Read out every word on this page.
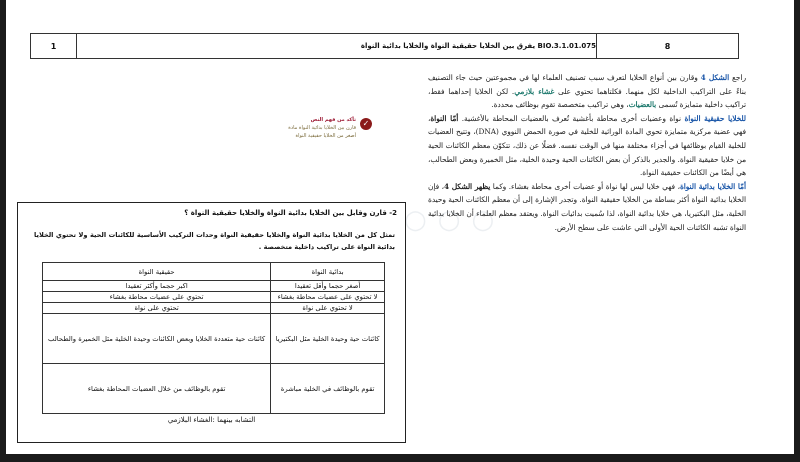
1	BIO.3.1.01.075 يفرق بين الخلايا حقيقية النواة والخلايا بدائية النواة	8

راجع الشكل 4 وقارن بين أنواع الخلايا لتعرف سبب تصنيف العلماء لها في مجموعتين حيث جاء التصنيف بناءً على التراكيب الداخلية لكل منهما. فكلتاهما تحتوي على غشاء بلازمي. لكن الخلايا إحداهما فقط، تراكيب داخلية متمايزة تُسمى بالعضيات، وهي تراكيب متخصصة تقوم بوظائف محددة.

للخلايا حقيقية النواة نواة وعضيات أخرى محاطة بأغشية تُعرف بالعضيات المحاطة بالأغشية. أمّا النواة، فهي عضية مركزية متمايزة تحوي المادة الوراثية للخلية في صورة الحمض النووي (DNA)، وتتيح العضيات للخلية القيام بوظائفها في أجزاء مختلفة منها في الوقت نفسه. فضلًا عن ذلك، تتكوّن معظم الكائنات الحية من خلايا حقيقية النواة. والجدير بالذكر أن بعض الكائنات الحية وحيدة الخلية، مثل الخميرة وبعض الطحالب، هي أيضًا من الكائنات حقيقية النواة.

أمّا الخلايا بدائية النواة، فهي خلايا ليس لها نواة أو عضيات أخرى محاطة بغشاء. وكما يظهر الشكل 4، فإن الخلايا بدائية النواة أكثر بساطة من الخلايا حقيقية النواة. وتجدر الإشارة إلى أن معظم الكائنات الحية وحيدة الخلية، مثل البكتيريا، هي خلايا بدائية النواة، لذا سُميت بدائيات النواة. ويعتقد معظم العلماء أن الخلايا بدائية النواة تشبه الكائنات الحية الأولى التي عاشت على سطح الأرض.

✓
تأكد من فهم النص
قارن بين الخلايا بدائية النواة مادة
أصغر من الخلايا حقيقية النواة
○ ○ ○
2- قارن وقابل بين الخلايا بدائية النواة والخلايا حقيقية النواة ؟
تمثل كل من الخلايا بدائية النواة والخلايا حقيقية النواة وحدات التركيب الأساسية للكائنات الحية ولا تحتوي الخلايا بدائية النواة على تراكيب داخلية متخصصة .
بدائية النواة	حقيقية النواة
أصغر حجما وأقل تعقيدا	اكبر حجما وأكثر تعقيدا
لا تحتوي على عضيات محاطة بغشاء	تحتوي على عضيات محاطة بغشاء
لا تحتوي على نواة	تحتوي على نواة
كائنات حية وحيدة الخلية مثل البكتيريا	كائنات حية متعددة الخلايا وبعض الكائنات وحيدة الخلية مثل الخميرة والطحالب
تقوم بالوظائف في الخلية مباشرة	تقوم بالوظائف من خلال العضيات المحاطة بغشاء
التشابه بينهما :الغشاء البلازمي
